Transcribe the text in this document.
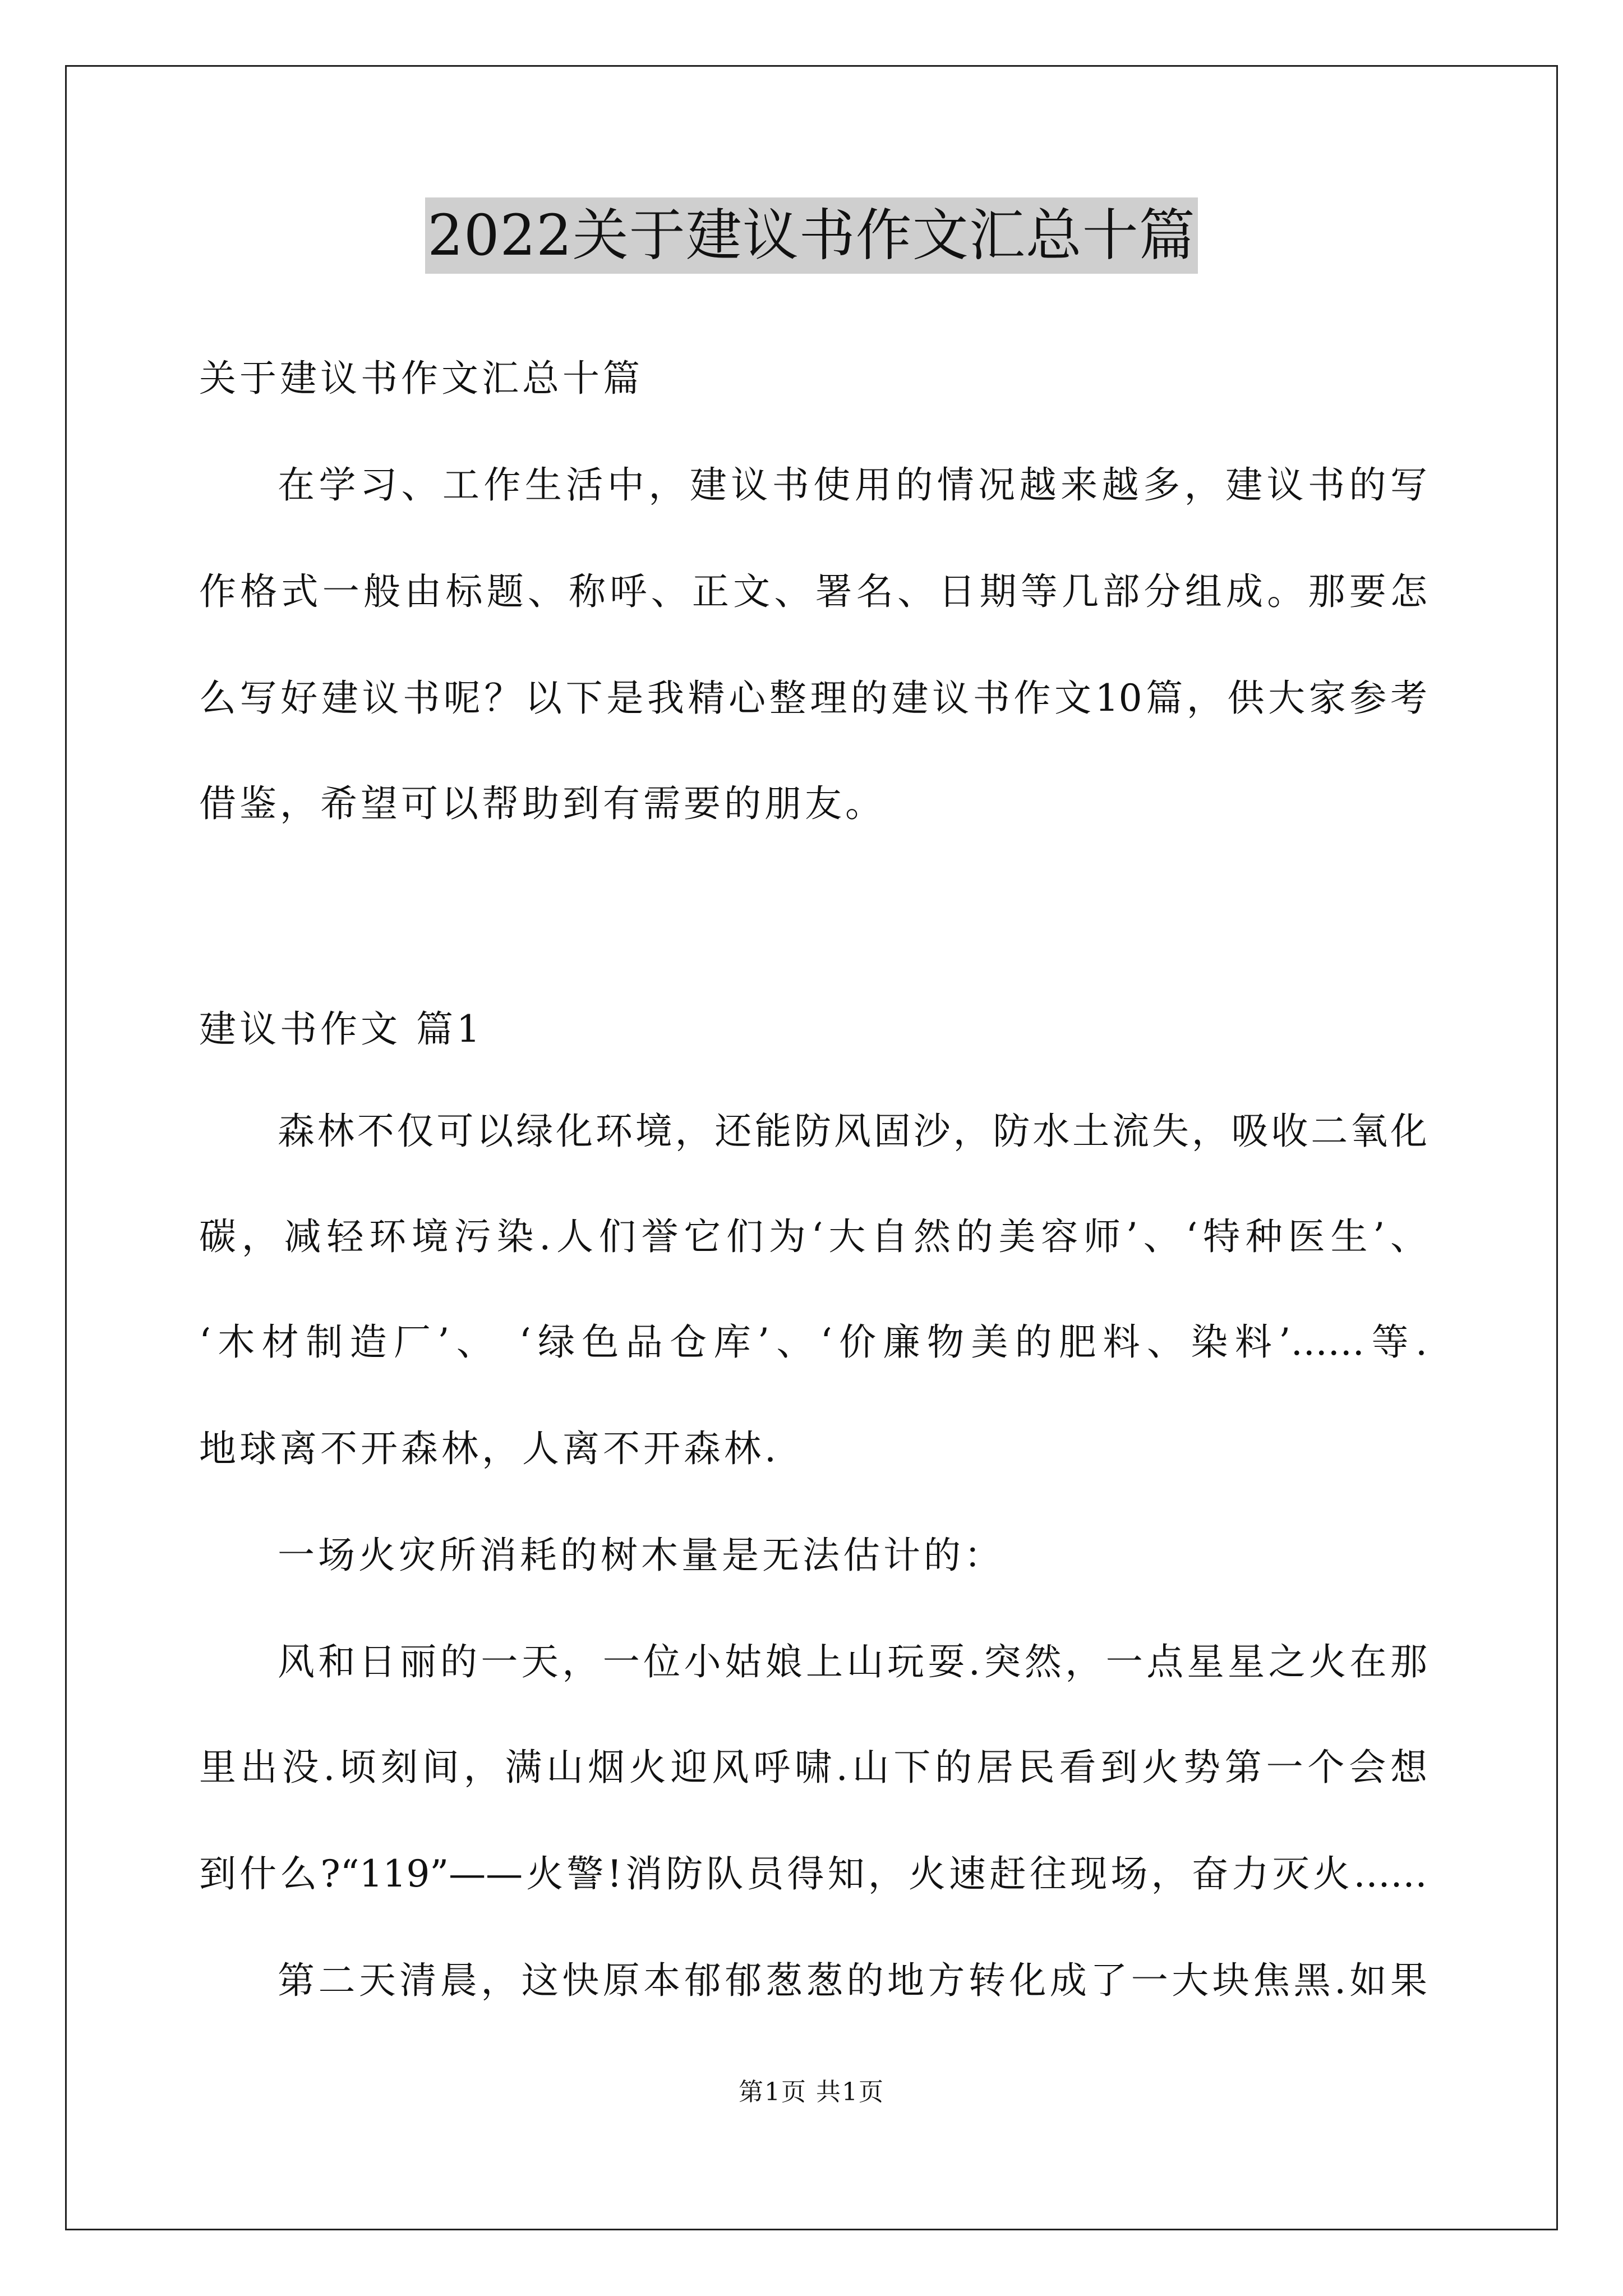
2022关于建议书作文汇总十篇
关于建议书作文汇总十篇
在学习、工作生活中，建议书使用的情况越来越多，建议书的写
作格式一般由标题、称呼、正文、署名、日期等几部分组成。那要怎
么写好建议书呢？以下是我精心整理的建议书作文10篇，供大家参考
借鉴，希望可以帮助到有需要的朋友。
建议书作文 篇1
森林不仅可以绿化环境，还能防风固沙，防水土流失，吸收二氧化
碳，减轻环境污染.人们誉它们为‘大自然的美容师’、‘特种医生’、
‘木材制造厂’、 ‘绿色品仓库’、‘价廉物美的肥料、染料’……等.
地球离不开森林，人离不开森林.
一场火灾所消耗的树木量是无法估计的：
风和日丽的一天，一位小姑娘上山玩耍.突然，一点星星之火在那
里出没.顷刻间，满山烟火迎风呼啸.山下的居民看到火势第一个会想
到什么?“119”——火警!消防队员得知，火速赶往现场，奋力灭火……
第二天清晨，这快原本郁郁葱葱的地方转化成了一大块焦黑.如果
第1页 共1页
